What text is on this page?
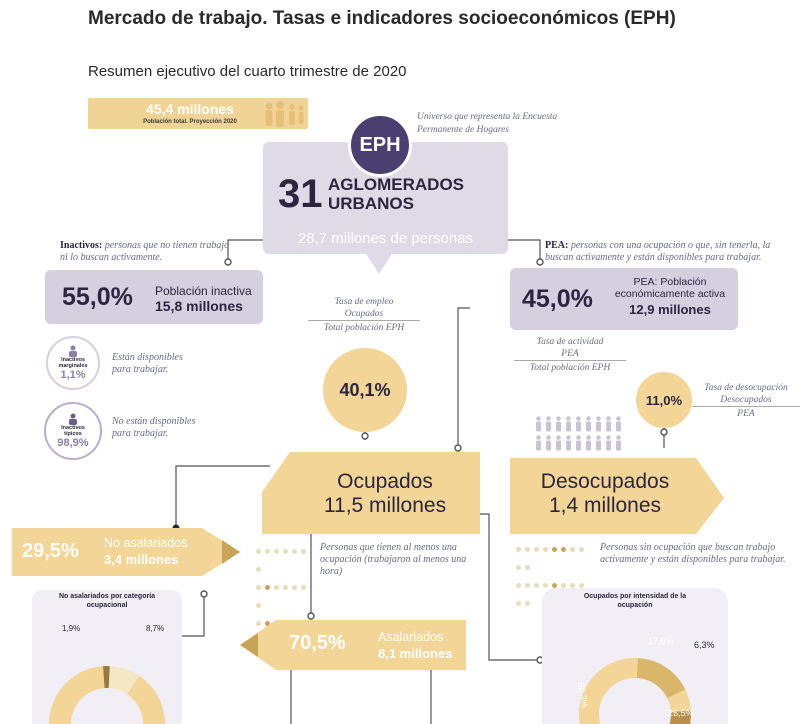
Mercado de trabajo. Tasas e indicadores socioeconómicos (EPH)
Resumen ejecutivo del cuarto trimestre de 2020
45,4 millones
Población total. Proyección 2020	Universo que representa la Encuesta Permanente de Hogares
EPH
31 AGLOMERADOS URBANOS
28,7 millones de personas
Inactivos: personas que no tienen trabajo ni lo buscan activamente.
55,0% Población inactiva
15,8 millones
Inactivos marginales
1,1%
Están disponibles para trabajar.
Inactivos típicos
98,9%
No están disponibles para trabajar.
Tasa de empleo
Ocupados
Total población EPH
40,1%
PEA: personas con una ocupación o que, sin tenerla, la buscan activamente y están disponibles para trabajar.
45,0%
PEA: Población económicamente activa
12,9 millones
Tasa de actividad
PEA
Total población EPH
11,0%
Tasa de desocupación
Desocupados
PEA
Ocupados
11,5 millones
Desocupados
1,4 millones

Personas que tienen al menos una ocupación (trabajaron al menos una hora)
Personas sin ocupación que buscan trabajo activamente y están disponibles para trabajar.
29,5% No asalariados
3,4 millones
No asalariados por categoría ocupacional
1,9%	8,7%
70,5%	Asalariados
8,1 millones
Ocupados por intensidad de la ocupación
17,0% 6,3%
50,3%
26,5%
